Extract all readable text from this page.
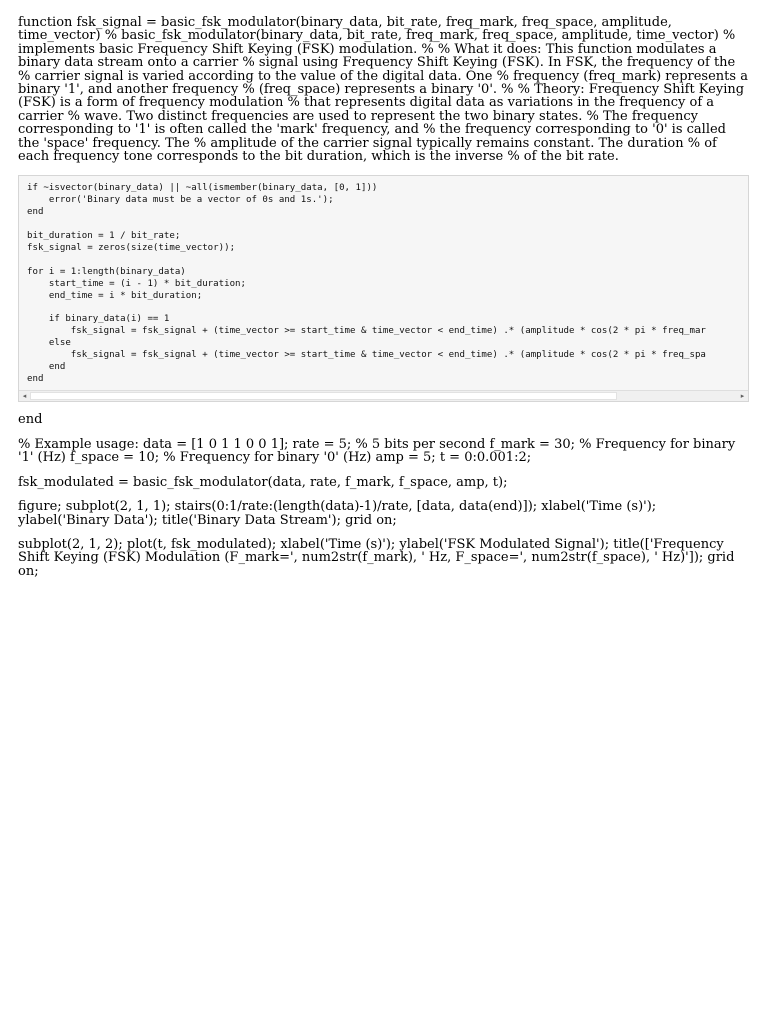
function fsk_signal = basic_fsk_modulator(binary_data, bit_rate, freq_mark, freq_space, amplitude, time_vector) % basic_fsk_modulator(binary_data, bit_rate, freq_mark, freq_space, amplitude, time_vector) % implements basic Frequency Shift Keying (FSK) modulation. % % What it does: This function modulates a binary data stream onto a carrier % signal using Frequency Shift Keying (FSK). In FSK, the frequency of the % carrier signal is varied according to the value of the digital data. One % frequency (freq_mark) represents a binary '1', and another frequency % (freq_space) represents a binary '0'. % % Theory: Frequency Shift Keying (FSK) is a form of frequency modulation % that represents digital data as variations in the frequency of a carrier % wave. Two distinct frequencies are used to represent the two binary states. % The frequency corresponding to '1' is often called the 'mark' frequency, and % the frequency corresponding to '0' is called the 'space' frequency. The % amplitude of the carrier signal typically remains constant. The duration % of each frequency tone corresponds to the bit duration, which is the inverse % of the bit rate.

if ~isvector(binary_data) || ~all(ismember(binary_data, [0, 1]))
error('Binary data must be a vector of 0s and 1s.');
end

bit_duration = 1 / bit_rate;
fsk_signal = zeros(size(time_vector));

for i = 1:length(binary_data)
start_time = (i - 1) * bit_duration;
end_time = i * bit_duration;

if binary_data(i) == 1
fsk_signal = fsk_signal + (time_vector >= start_time & time_vector < end_time) .* (amplitude * cos(2 * pi * freq_mar
else
fsk_signal = fsk_signal + (time_vector >= start_time & time_vector < end_time) .* (amplitude * cos(2 * pi * freq_spa
end
end
◂	▸

end

% Example usage: data = [1 0 1 1 0 0 1]; rate = 5; % 5 bits per second f_mark = 30; % Frequency for binary '1' (Hz) f_space = 10; % Frequency for binary '0' (Hz) amp = 5; t = 0:0.001:2;

fsk_modulated = basic_fsk_modulator(data, rate, f_mark, f_space, amp, t);

figure; subplot(2, 1, 1); stairs(0:1/rate:(length(data)-1)/rate, [data, data(end)]); xlabel('Time (s)'); ylabel('Binary Data'); title('Binary Data Stream'); grid on;

subplot(2, 1, 2); plot(t, fsk_modulated); xlabel('Time (s)'); ylabel('FSK Modulated Signal'); title(['Frequency Shift Keying (FSK) Modulation (F_mark=', num2str(f_mark), ' Hz, F_space=', num2str(f_space), ' Hz)']); grid on;
